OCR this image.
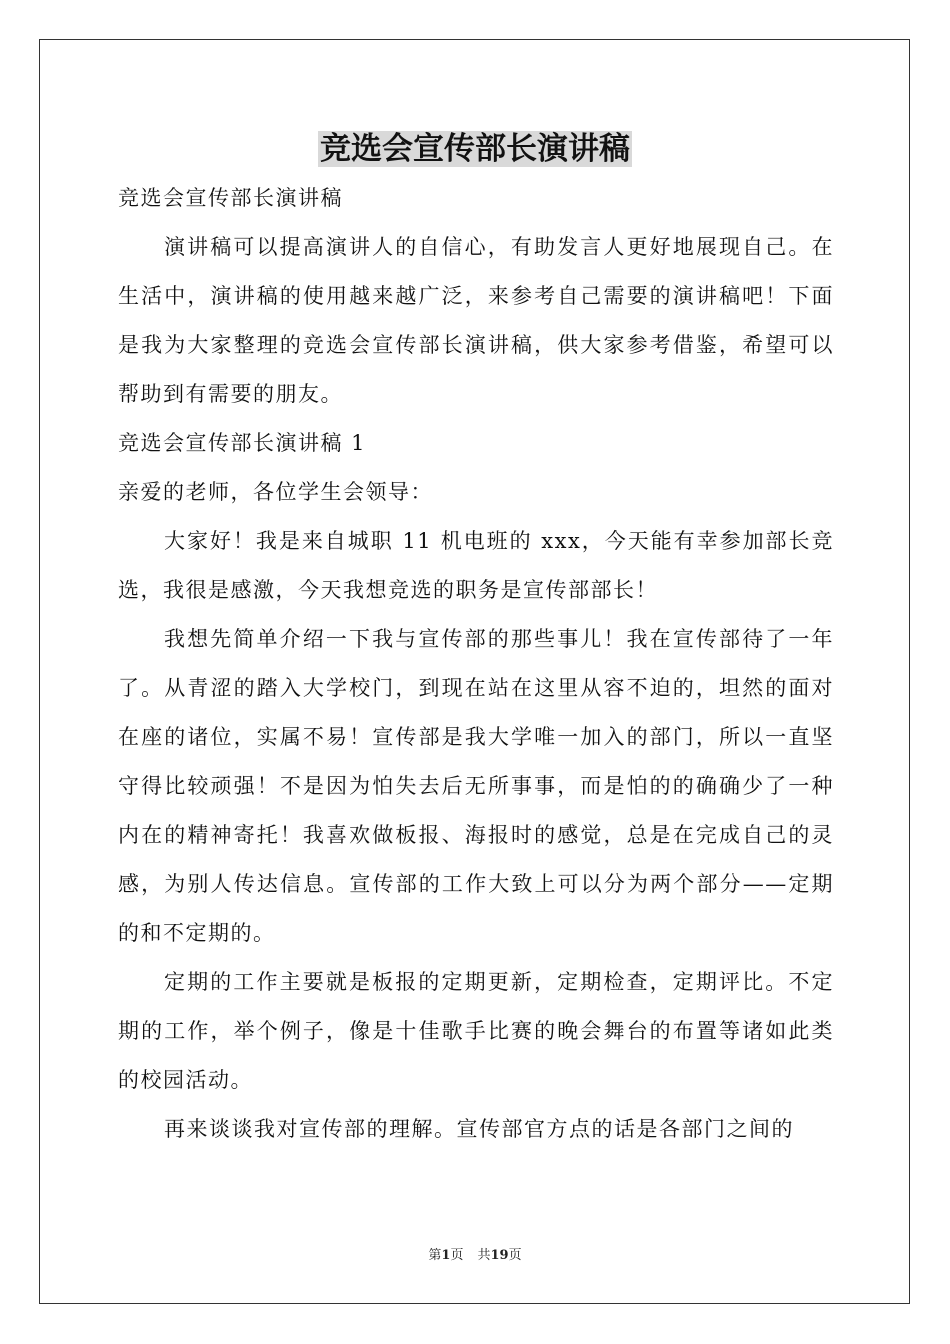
竞选会宣传部长演讲稿

竞选会宣传部长演讲稿

演讲稿可以提高演讲人的自信心，有助发言人更好地展现自己。在生活中，演讲稿的使用越来越广泛，来参考自己需要的演讲稿吧！下面是我为大家整理的竞选会宣传部长演讲稿，供大家参考借鉴，希望可以帮助到有需要的朋友。

竞选会宣传部长演讲稿 1

亲爱的老师，各位学生会领导：

大家好！我是来自城职 11 机电班的 xxx，今天能有幸参加部长竞选，我很是感激，今天我想竞选的职务是宣传部部长！

我想先简单介绍一下我与宣传部的那些事儿！我在宣传部待了一年了。从青涩的踏入大学校门，到现在站在这里从容不迫的，坦然的面对在座的诸位，实属不易！宣传部是我大学唯一加入的部门，所以一直坚守得比较顽强！不是因为怕失去后无所事事，而是怕的的确确少了一种内在的精神寄托！我喜欢做板报、海报时的感觉，总是在完成自己的灵感，为别人传达信息。宣传部的工作大致上可以分为两个部分——定期的和不定期的。

定期的工作主要就是板报的定期更新，定期检查，定期评比。不定期的工作，举个例子，像是十佳歌手比赛的晚会舞台的布置等诸如此类的校园活动。

再来谈谈我对宣传部的理解。宣传部官方点的话是各部门之间的

第1页 共19页
